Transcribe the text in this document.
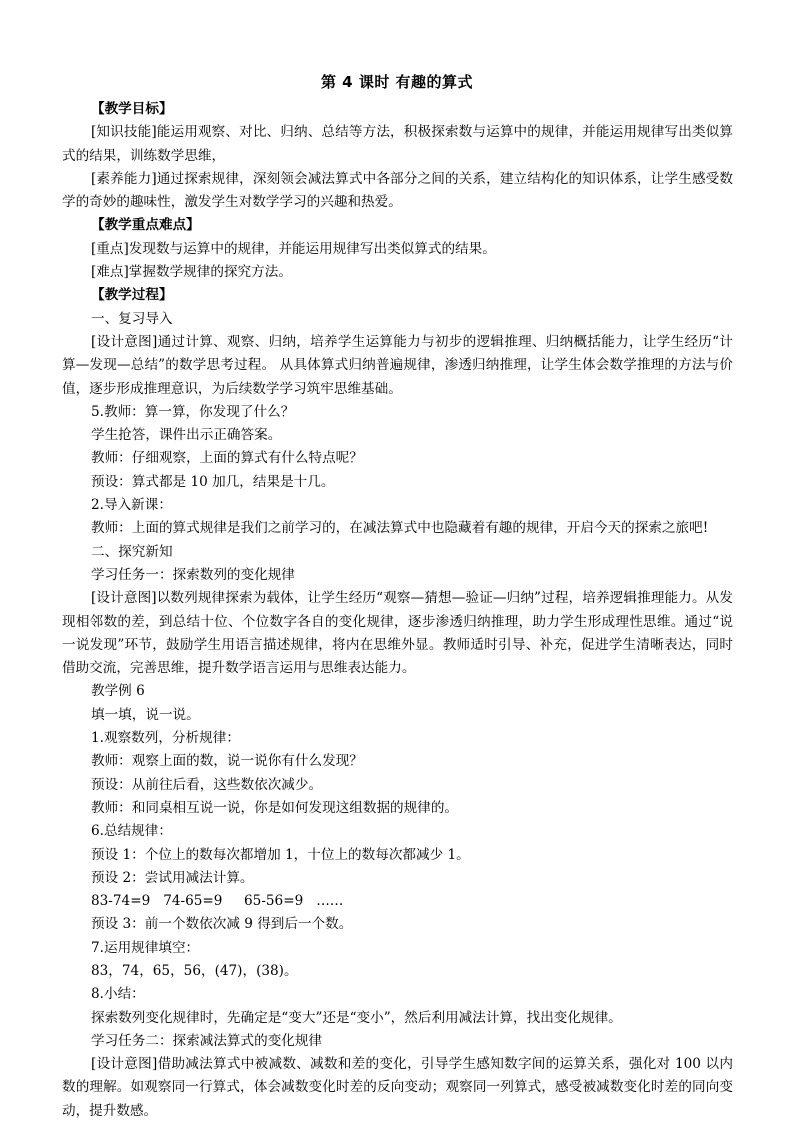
第 4 课时 有趣的算式

【教学目标】

[知识技能]能运用观察、对比、归纳、总结等方法，积极探索数与运算中的规律，并能运用规律写出类似算式的结果，训练数学思维，

[素养能力]通过探索规律，深刻领会减法算式中各部分之间的关系，建立结构化的知识体系，让学生感受数学的奇妙的趣味性，激发学生对数学学习的兴趣和热爱。

【教学重点难点】

[重点]发现数与运算中的规律，并能运用规律写出类似算式的结果。

[难点]掌握数学规律的探究方法。

【教学过程】

一、复习导入

[设计意图]通过计算、观察、归纳，培养学生运算能力与初步的逻辑推理、归纳概括能力，让学生经历“计算—发现—总结”的数学思考过程。 从具体算式归纳普遍规律，渗透归纳推理，让学生体会数学推理的方法与价值，逐步形成推理意识，为后续数学学习筑牢思维基础。

5.教师：算一算，你发现了什么？

学生抢答，课件出示正确答案。

教师：仔细观察，上面的算式有什么特点呢？

预设：算式都是 10 加几，结果是十几。

2.导入新课：

教师：上面的算式规律是我们之前学习的，在减法算式中也隐藏着有趣的规律，开启今天的探索之旅吧!

二、探究新知

学习任务一：探索数列的变化规律

[设计意图]以数列规律探索为载体，让学生经历“观察—猜想—验证—归纳”过程，培养逻辑推理能力。从发现相邻数的差，到总结十位、个位数字各自的变化规律，逐步渗透归纳推理，助力学生形成理性思维。通过“说一说发现”环节，鼓励学生用语言描述规律，将内在思维外显。教师适时引导、补充，促进学生清晰表达，同时借助交流，完善思维，提升数学语言运用与思维表达能力。

教学例 6

填一填，说一说。

1.观察数列，分析规律：

教师：观察上面的数，说一说你有什么发现？

预设：从前往后看，这些数依次减少。

教师：和同桌相互说一说，你是如何发现这组数据的规律的。

6.总结规律：

预设 1：个位上的数每次都增加 1，十位上的数每次都减少 1。

预设 2：尝试用减法计算。

83-74=9   74-65=9     65-56=9   ……

预设 3：前一个数依次减 9 得到后一个数。

7.运用规律填空：

83，74，65，56，(47)，(38)。

8.小结：

探索数列变化规律时，先确定是“变大”还是“变小”，然后利用减法计算，找出变化规律。

学习任务二：探索减法算式的变化规律

[设计意图]借助减法算式中被减数、减数和差的变化，引导学生感知数字间的运算关系，强化对 100 以内数的理解。如观察同一行算式，体会减数变化时差的反向变动；观察同一列算式，感受被减数变化时差的同向变动，提升数感。
